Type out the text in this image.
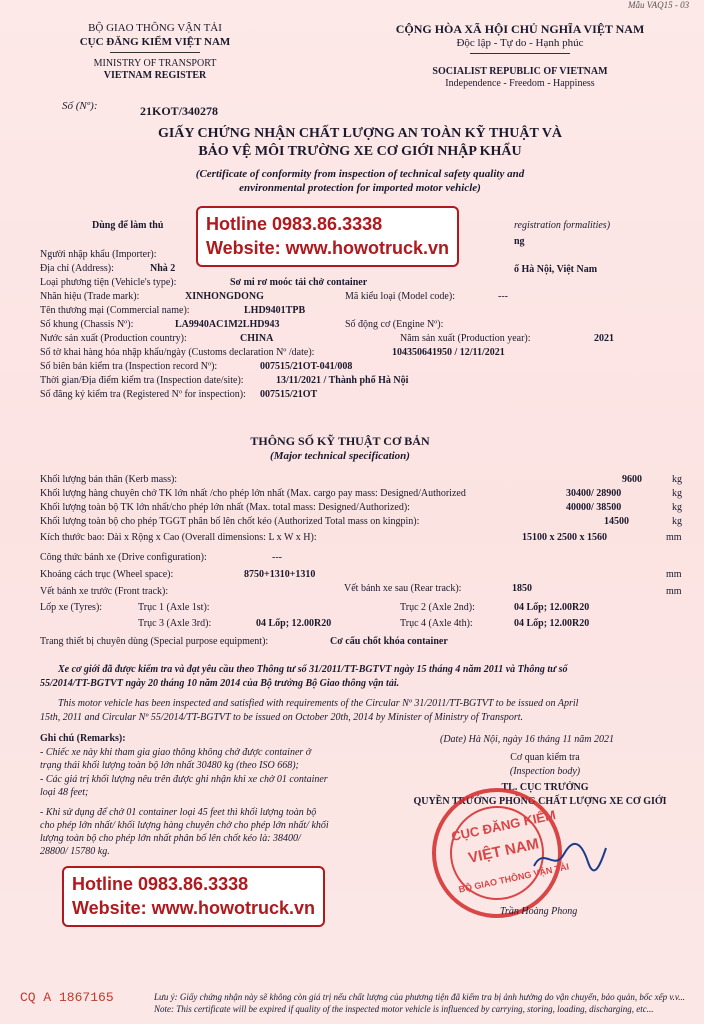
Mẫu VAQ15 - 03
BỘ GIAO THÔNG VẬN TẢI
CỤC ĐĂNG KIỂM VIỆT NAM
MINISTRY OF TRANSPORT
VIETNAM REGISTER
CỘNG HÒA XÃ HỘI CHỦ NGHĨA VIỆT NAM
Độc lập - Tự do - Hạnh phúc
SOCIALIST REPUBLIC OF VIETNAM
Independence - Freedom - Happiness
Số (Nº):	21KOT/340278
GIẤY CHỨNG NHẬN CHẤT LƯỢNG AN TOÀN KỸ THUẬT VÀ
BẢO VỆ MÔI TRƯỜNG XE CƠ GIỚI NHẬP KHẨU
(Certificate of conformity from inspection of technical safety quality and
environmental protection for imported motor vehicle)
Dùng để làm thủ	registration formalities)
ng
Hotline 0983.86.3338
Website: www.howotruck.vn
Người nhập khẩu (Importer):
Địa chỉ (Address):	Nhà 2	ố Hà Nội, Việt Nam
Loại phương tiện (Vehicle's type):	Sơ mi rơ moóc tải chở container
Nhãn hiệu (Trade mark):	XINHONGDONG	Mã kiểu loại (Model code):	---
Tên thương mại (Commercial name):	LHD9401TPB
Số khung (Chassis Nº):	LA9940AC1M2LHD943	Số động cơ (Engine Nº):
Nước sản xuất (Production country):	CHINA	Năm sản xuất (Production year):	2021
Số tờ khai hàng hóa nhập khẩu/ngày (Customs declaration Nº /date):	104350641950 / 12/11/2021
Số biên bản kiểm tra (Inspection record Nº):	007515/21OT-041/008
Thời gian/Địa điểm kiểm tra (Inspection date/site):	13/11/2021 / Thành phố Hà Nội
Số đăng ký kiểm tra (Registered Nº for inspection): 007515/21OT
THÔNG SỐ KỸ THUẬT CƠ BẢN
(Major technical specification)
Khối lượng bản thân (Kerb mass):	9600	kg
Khối lượng hàng chuyên chở TK lớn nhất /cho phép lớn nhất (Max. cargo pay mass: Designed/Authorized	30400/ 28900	kg
Khối lượng toàn bộ TK lớn nhất/cho phép lớn nhất (Max. total mass: Designed/Authorized):	40000/ 38500	kg
Khối lượng toàn bộ cho phép TGGT phân bố lên chốt kéo (Authorized Total mass on kingpin):	14500	kg
Kích thước bao: Dài x Rộng x Cao (Overall dimensions: L x W x H):	15100 x 2500 x 1560	mm
Công thức bánh xe (Drive configuration):	---
Khoảng cách trục (Wheel space):	8750+1310+1310	mm
Vết bánh xe trước (Front track):	Vết bánh xe sau (Rear track):	1850	mm
Lốp xe (Tyres):	Trục 1 (Axle 1st):	Trục 2 (Axle 2nd):	04 Lốp; 12.00R20
Trục 3 (Axle 3rd):	04 Lốp; 12.00R20	Trục 4 (Axle 4th):	04 Lốp; 12.00R20
Trang thiết bị chuyên dùng (Special purpose equipment):	Cơ cấu chốt khóa container
Xe cơ giới đã được kiểm tra và đạt yêu cầu theo Thông tư số 31/2011/TT-BGTVT ngày 15 tháng 4 năm 2011 và Thông tư số
55/2014/TT-BGTVT ngày 20 tháng 10 năm 2014 của Bộ trưởng Bộ Giao thông vận tải.
This motor vehicle has been inspected and satisfied with requirements of the Circular Nº 31/2011/TT-BGTVT to be issued on April
15th, 2011 and Circular Nº 55/2014/TT-BGTVT to be issued on October 20th, 2014 by Minister of Ministry of Transport.
Ghi chú (Remarks):
- Chiếc xe này khi tham gia giao thông không chở được container ở trạng thái khối lượng toàn bộ lớn nhất 30480 kg (theo ISO 668);
- Các giá trị khối lượng nêu trên được ghi nhận khi xe chở 01 container loại 48 feet;
- Khi sử dụng để chở 01 container loại 45 feet thì khối lượng toàn bộ cho phép lớn nhất/ khối lượng hàng chuyên chở cho phép lớn nhất/ khối lượng toàn bộ cho phép lớn nhất phân bố lên chốt kéo là: 38400/ 28800/ 15780 kg.
(Date) Hà Nội, ngày 16 tháng 11 năm 2021
Cơ quan kiểm tra
(Inspection body)
TL. CỤC TRƯỞNG
QUYỀN TRƯỞNG PHÒNG CHẤT LƯỢNG XE CƠ GIỚI
CỤC ĐĂNG KIỂM
VIỆT NAM
BỘ GIAO THÔNG VẬN TẢI
Trần Hoàng Phong
Hotline 0983.86.3338
Website: www.howotruck.vn
CQ A 1867165	Lưu ý: Giấy chứng nhận này sẽ không còn giá trị nếu chất lượng của phương tiện đã kiểm tra bị ảnh hưởng do vận chuyển, bảo quản, bốc xếp v.v...
Note: This certificate will be expired if quality of the inspected motor vehicle is influenced by carrying, storing, loading, discharging, etc...
